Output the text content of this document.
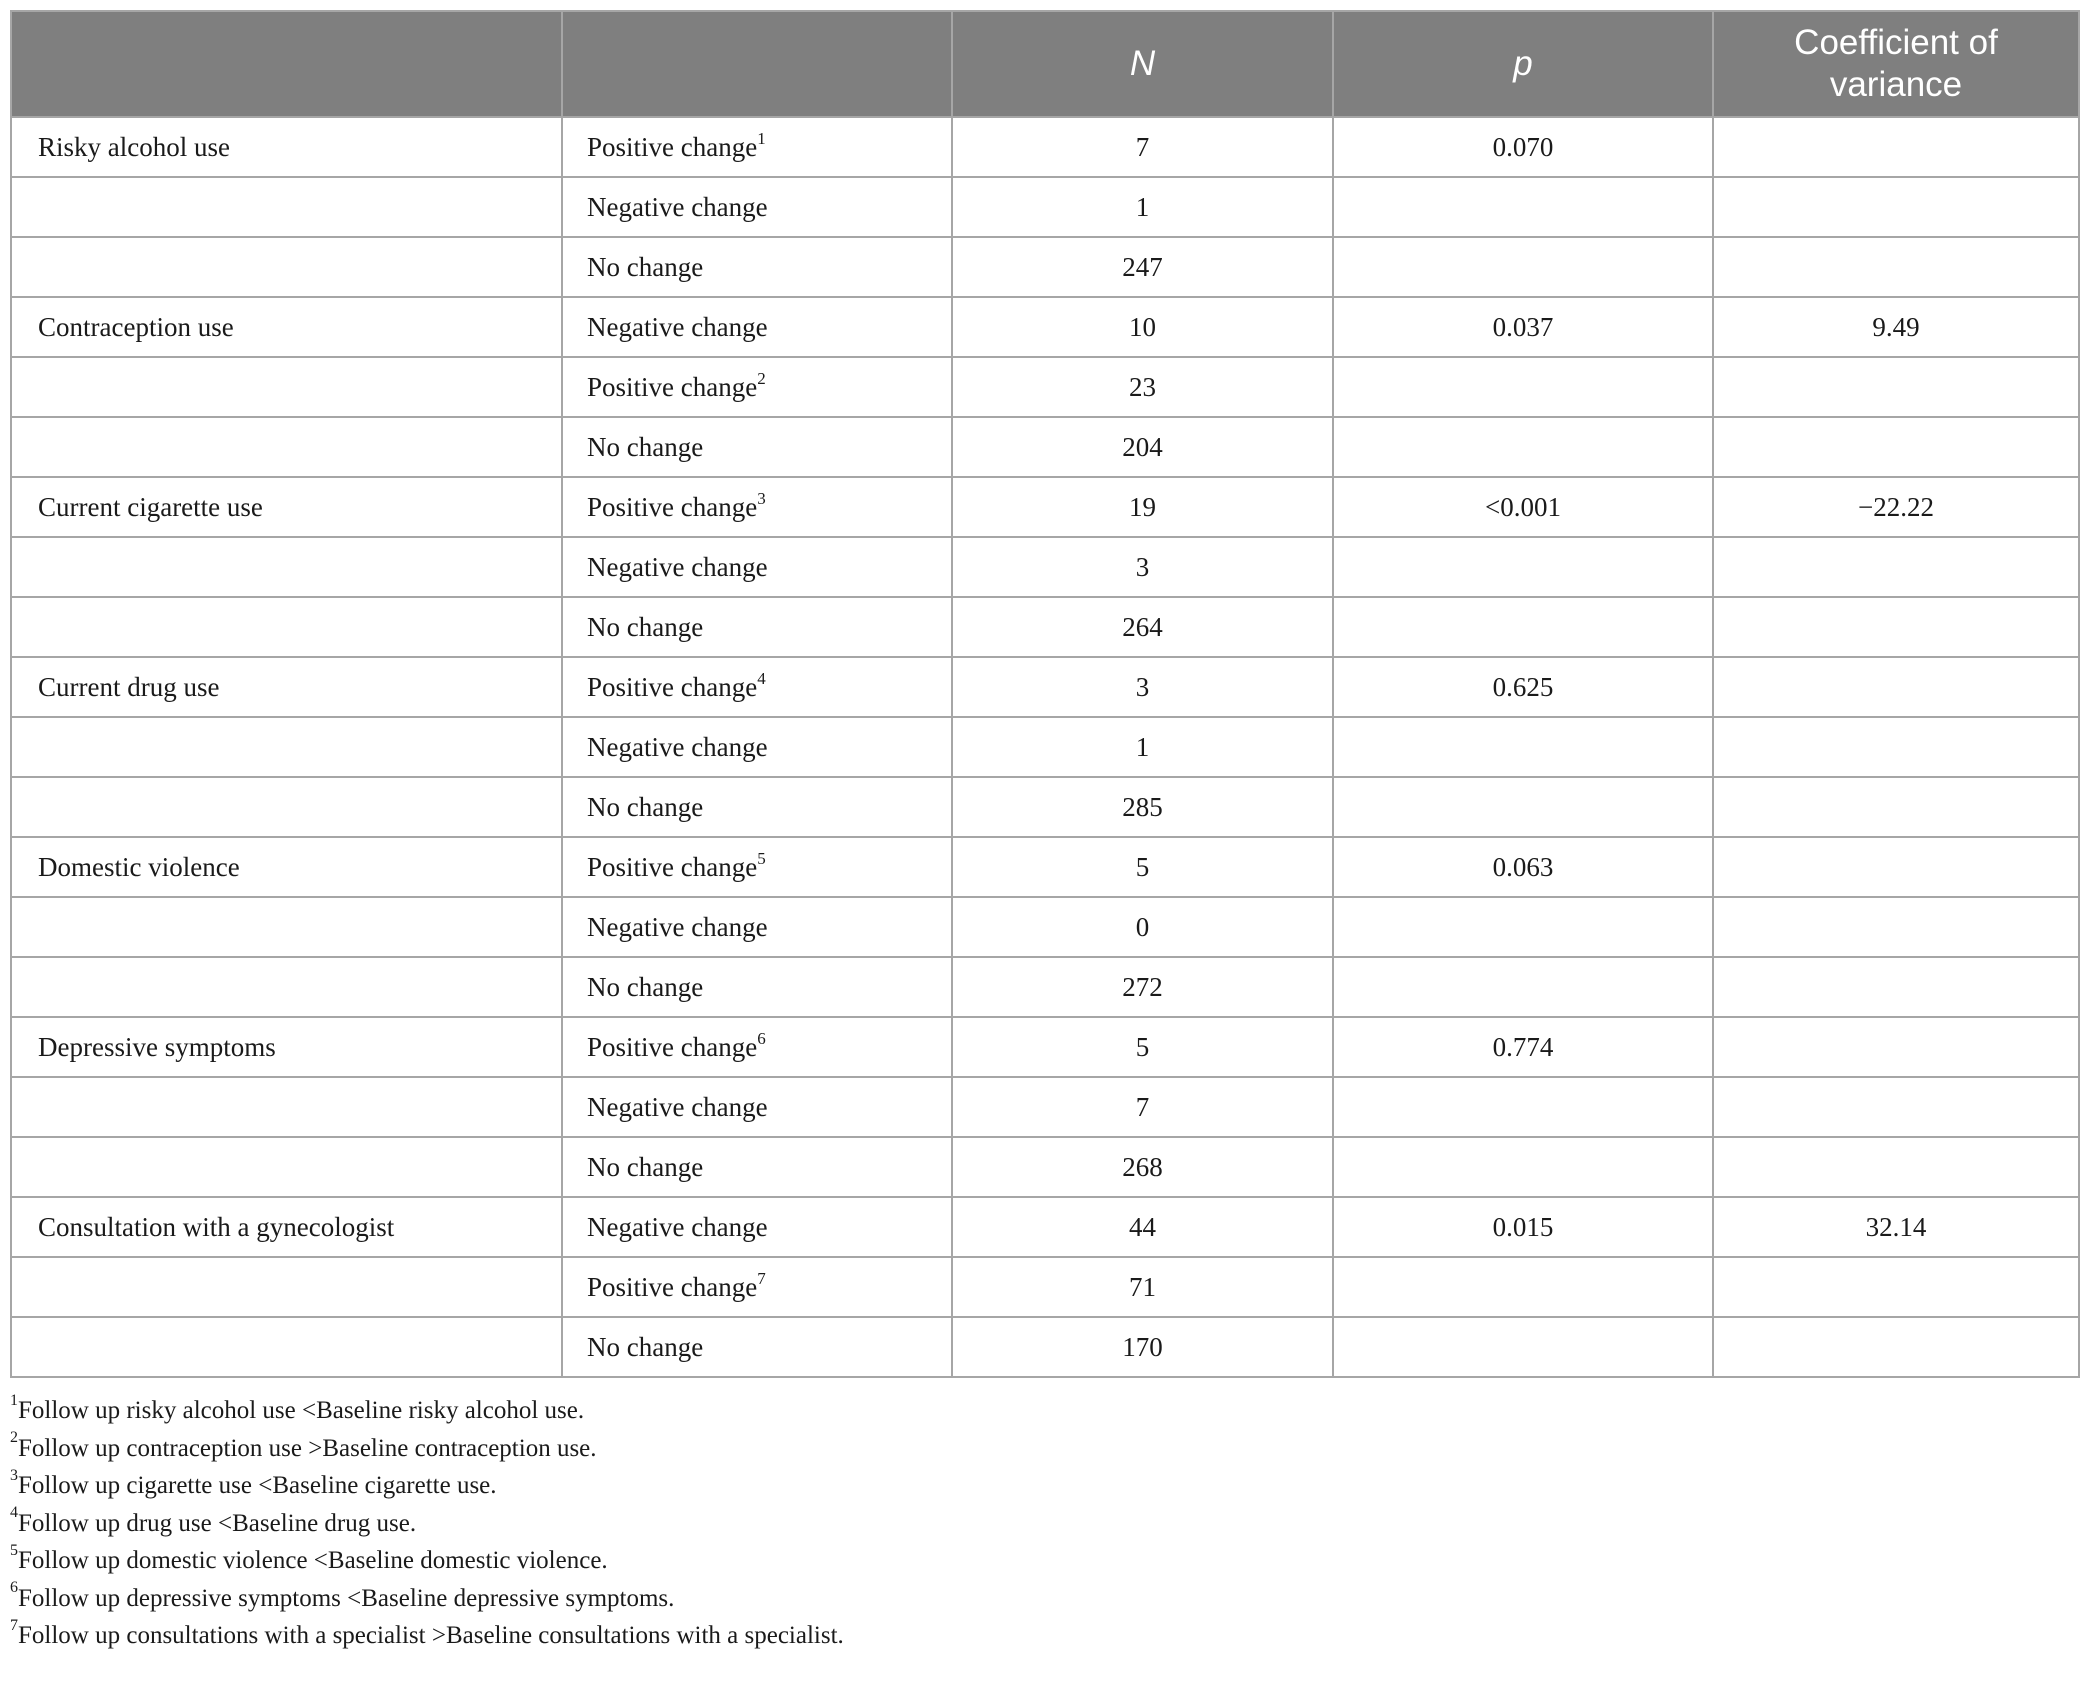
		N	p	Coefficient of variance
Risky alcohol use	Positive change$^1$	7	0.070	
	Negative change	1		
	No change	247		
Contraception use	Negative change	10	0.037	9.49
	Positive change$^2$	23		
	No change	204		
Current cigarette use	Positive change$^3$	19	<0.001	−22.22
	Negative change	3		
	No change	264		
Current drug use	Positive change$^4$	3	0.625	
	Negative change	1		
	No change	285		
Domestic violence	Positive change$^5$	5	0.063	
	Negative change	0		
	No change	272		
Depressive symptoms	Positive change$^6$	5	0.774	
	Negative change	7		
	No change	268		
Consultation with a gynecologist	Negative change	44	0.015	32.14
	Positive change$^7$	71		
	No change	170		
$^1$Follow up risky alcohol use <Baseline risky alcohol use.
$^2$Follow up contraception use >Baseline contraception use.
$^3$Follow up cigarette use <Baseline cigarette use.
$^4$Follow up drug use <Baseline drug use.
$^5$Follow up domestic violence <Baseline domestic violence.
$^6$Follow up depressive symptoms <Baseline depressive symptoms.
$^7$Follow up consultations with a specialist >Baseline consultations with a specialist.
